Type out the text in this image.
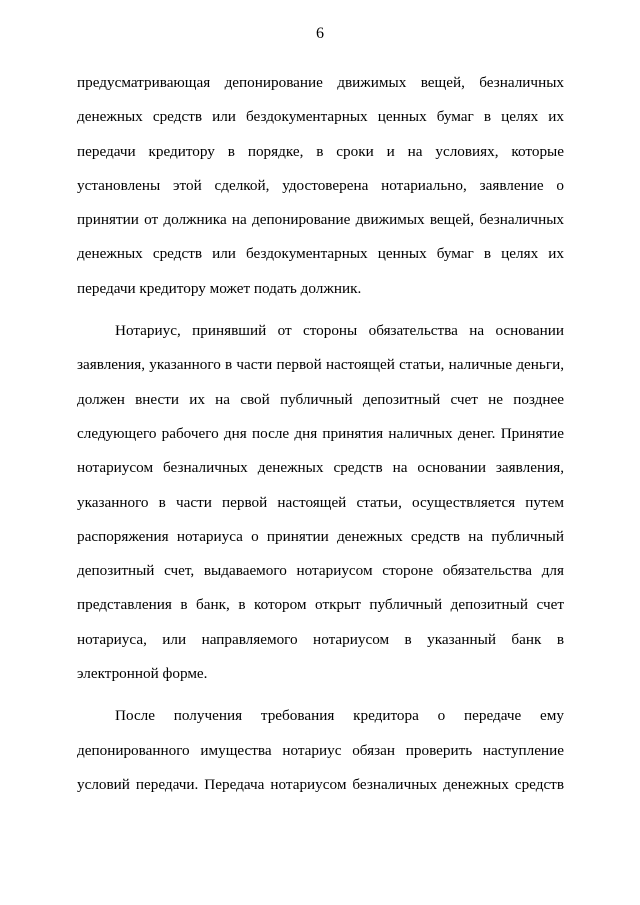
6
предусматривающая депонирование движимых вещей, безналичных
денежных средств или бездокументарных ценных бумаг в целях их
передачи кредитору в порядке, в сроки и на условиях, которые
установлены этой сделкой, удостоверена нотариально, заявление о
принятии от должника на депонирование движимых вещей, безналичных
денежных средств или бездокументарных ценных бумаг в целях их
передачи кредитору может подать должник.
Нотариус, принявший от стороны обязательства на основании
заявления, указанного в части первой настоящей статьи, наличные деньги,
должен внести их на свой публичный депозитный счет не позднее
следующего рабочего дня после дня принятия наличных денег. Принятие
нотариусом безналичных денежных средств на основании заявления,
указанного в части первой настоящей статьи, осуществляется путем
распоряжения нотариуса о принятии денежных средств на публичный
депозитный счет, выдаваемого нотариусом стороне обязательства для
представления в банк, в котором открыт публичный депозитный счет
нотариуса, или направляемого нотариусом в указанный банк в
электронной форме.
После получения требования кредитора о передаче ему
депонированного имущества нотариус обязан проверить наступление
условий передачи. Передача нотариусом безналичных денежных средств
